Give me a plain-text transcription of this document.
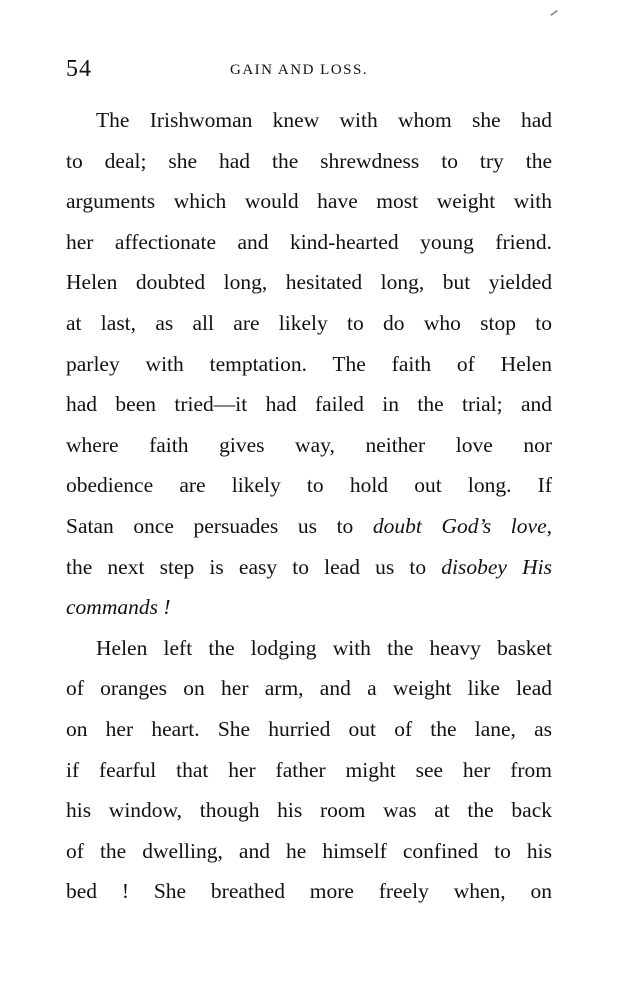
54	GAIN AND LOSS.
The Irishwoman knew with whom she had
to deal; she had the shrewdness to try the
arguments which would have most weight with
her affectionate and kind-hearted young friend.
Helen doubted long, hesitated long, but yielded
at last, as all are likely to do who stop to
parley with temptation. The faith of Helen
had been tried—it had failed in the trial; and
where faith gives way, neither love nor
obedience are likely to hold out long. If
Satan once persuades us to doubt God’s love,
the next step is easy to lead us to disobey His
commands !
Helen left the lodging with the heavy basket
of oranges on her arm, and a weight like lead
on her heart. She hurried out of the lane, as
if fearful that her father might see her from
his window, though his room was at the back
of the dwelling, and he himself confined to his
bed ! She breathed more freely when, on
